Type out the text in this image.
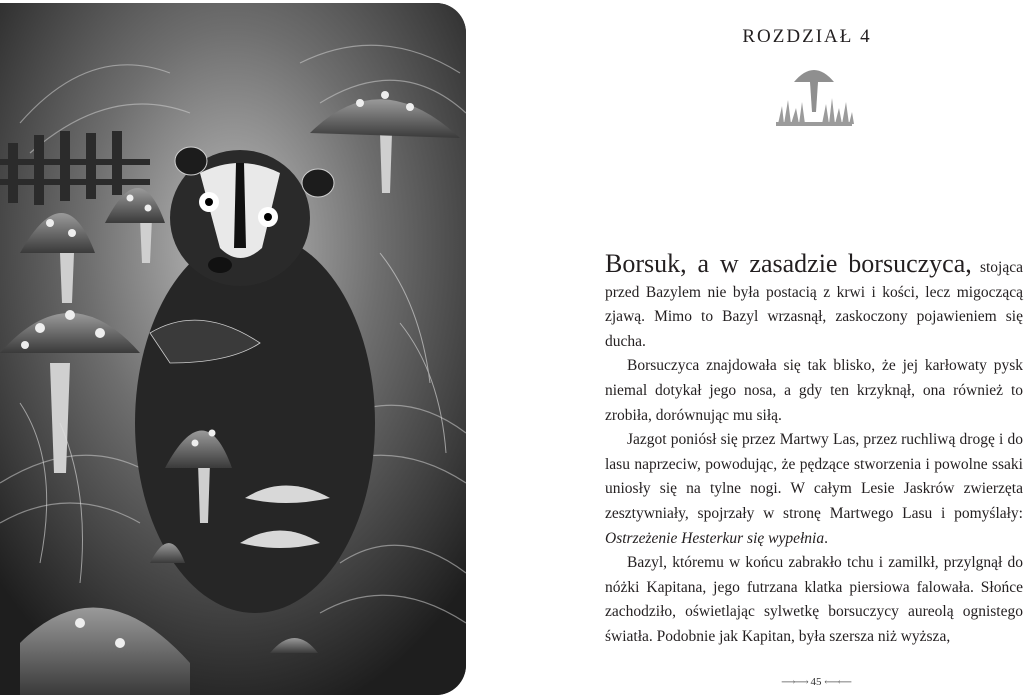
ROZDZIAŁ 4

Borsuk, a w zasadzie borsuczyca, stojąca przed Bazylem nie była postacią z krwi i kości, lecz migoczącą zjawą. Mimo to Bazyl wrzasnął, zaskoczony pojawieniem się ducha.

Borsuczyca znajdowała się tak blisko, że jej karłowaty pysk niemal dotykał jego nosa, a gdy ten krzyknął, ona również to zrobiła, dorównując mu siłą.

Jazgot poniósł się przez Martwy Las, przez ruchliwą drogę i do lasu naprzeciw, powodując, że pędzące stworzenia i powolne ssaki uniosły się na tylne nogi. W całym Lesie Jaskrów zwierzęta zesztywniały, spojrzały w stronę Martwego Lasu i pomyślały: Ostrzeżenie Hesterkur się wypełnia.

Bazyl, któremu w końcu zabrakło tchu i zamilkł, przylgnął do nóżki Kapitana, jego futrzana klatka piersiowa falowała. Słońce zachodziło, oświetlając sylwetkę borsuczycy aureolą ognistego światła. Podobnie jak Kapitan, była szersza niż wyższa,

⟶⟶ 45 ⟵⟵
